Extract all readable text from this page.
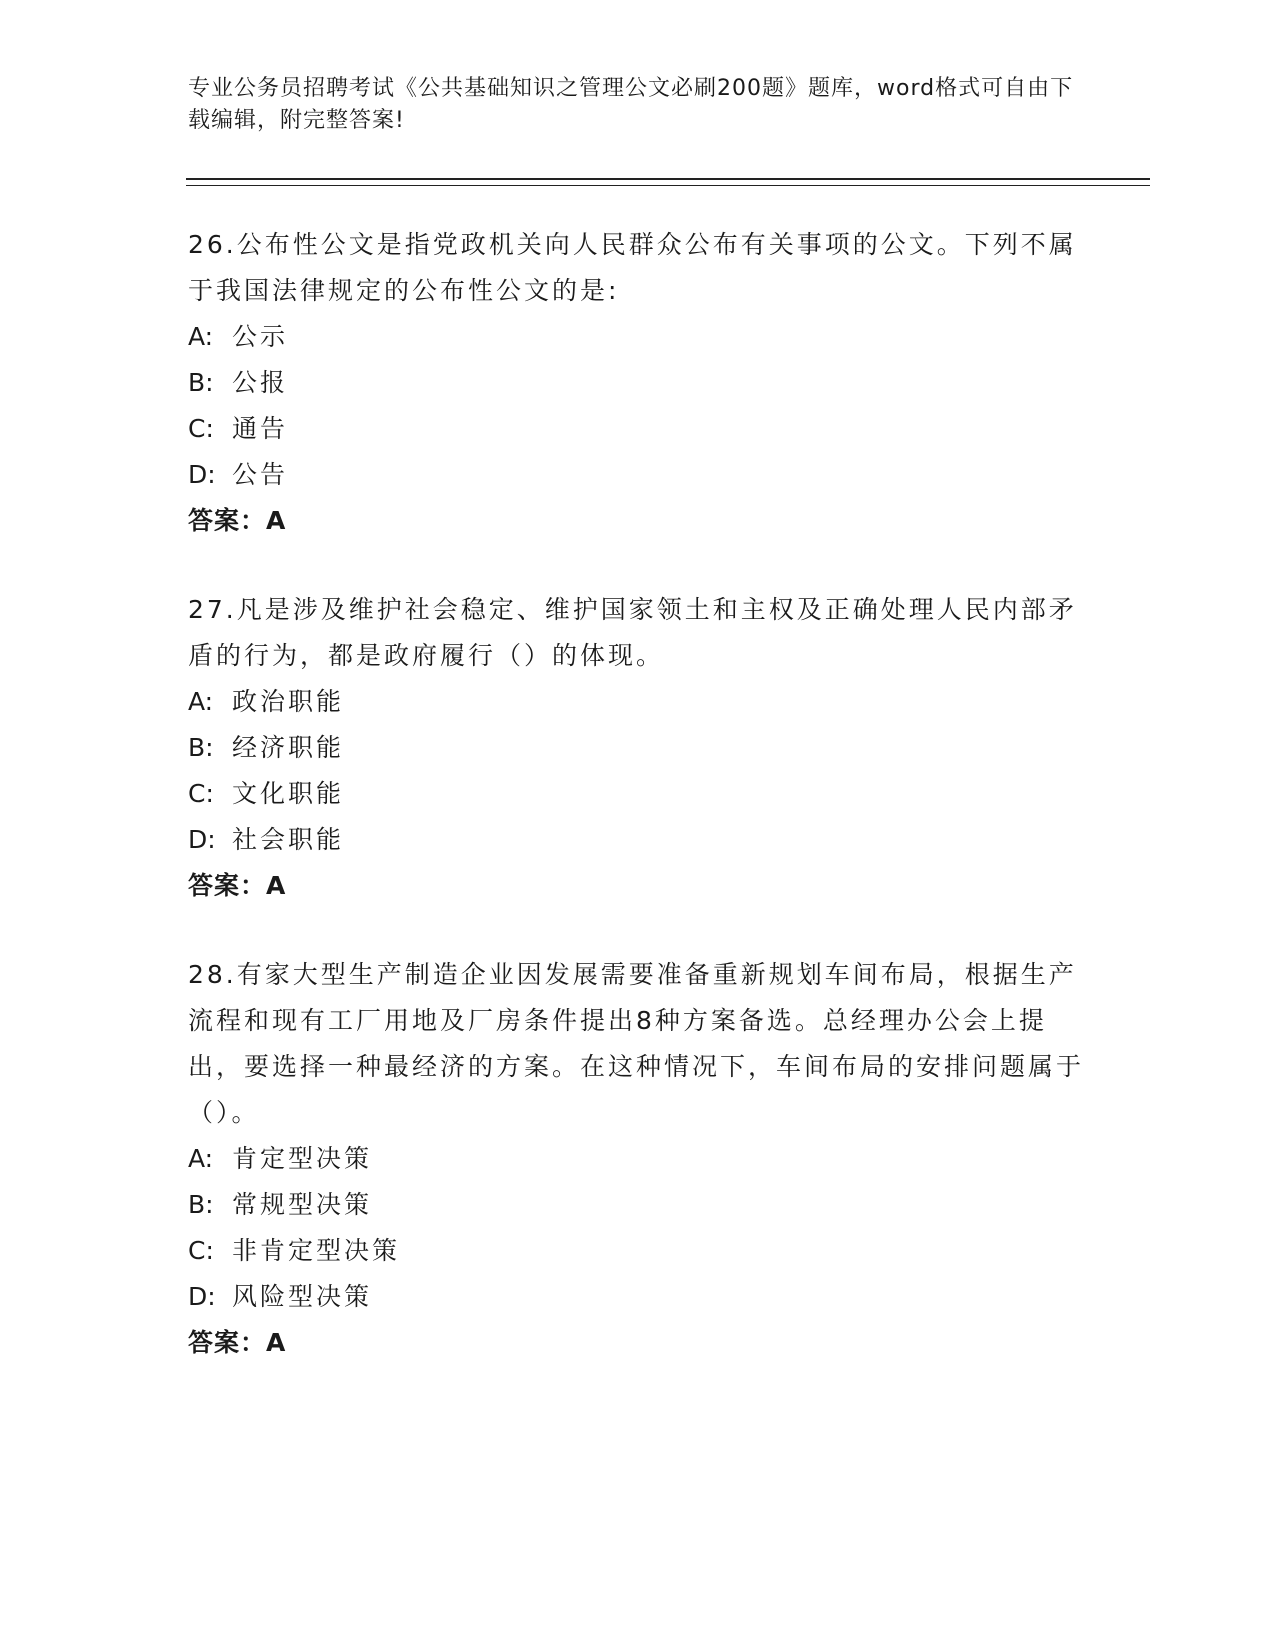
专业公务员招聘考试《公共基础知识之管理公文必刷200题》题库，word格式可自由下载编辑，附完整答案!

26.公布性公文是指党政机关向人民群众公布有关事项的公文。下列不属于我国法律规定的公布性公文的是:

A: 公示

B: 公报

C: 通告

D: 公告

答案：A

27.凡是涉及维护社会稳定、维护国家领土和主权及正确处理人民内部矛盾的行为，都是政府履行（）的体现。

A: 政治职能

B: 经济职能

C: 文化职能

D: 社会职能

答案：A

28.有家大型生产制造企业因发展需要准备重新规划车间布局，根据生产流程和现有工厂用地及厂房条件提出8种方案备选。总经理办公会上提出，要选择一种最经济的方案。在这种情况下，车间布局的安排问题属于（）。

A: 肯定型决策

B: 常规型决策

C: 非肯定型决策

D: 风险型决策

答案：A
